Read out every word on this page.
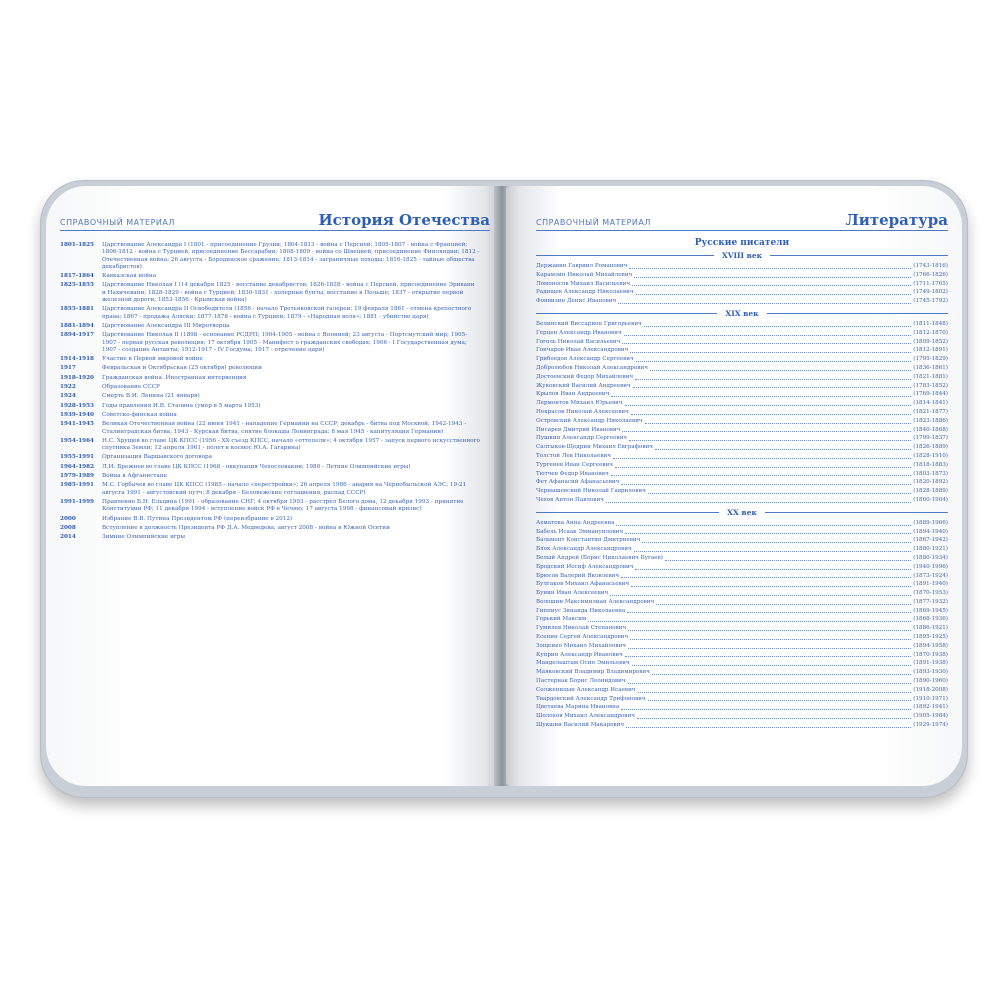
СПРАВОЧНЫЙ МАТЕРИАЛ	История Отечества
1801-1825	Царствование Александра I (1801 - присоединение Грузии; 1804-1813 - война с Персией; 1805-1807 - война с Францией; 1806-1812 - война с Турцией, присоединение Бессарабии; 1808-1809 - война со Швецией, присоединение Финляндии; 1812 - Отечественная война; 26 августа - Бородинское сражение; 1813-1814 - заграничные походы; 1816-1825 - тайные общества декабристов)
1817-1864	Кавказская война
1825-1855	Царствование Николая I (14 декабря 1825 - восстание декабристов; 1826-1828 - война с Персией, присоединение Эривани и Нахичевани; 1828-1829 - война с Турцией; 1830-1831 - холерные бунты, восстание в Польше; 1837 - открытие первой железной дороги; 1853-1856 - Крымская война)
1855-1881	Царствование Александра II Освободителя (1856 - начало Третьяковской галереи; 19 февраля 1861 - отмена крепостного права; 1867 - продажа Аляски; 1877-1878 - война с Турцией; 1879 - «Народная воля»; 1881 - убийство царя)
1881-1894	Царствование Александра III Миротворца
1894-1917	Царствование Николая II (1898 - основание РСДРП; 1904-1905 - война с Японией; 23 августа - Портсмутский мир; 1905-1907 - первая русская революция; 17 октября 1905 - Манифест о гражданских свободах; 1906 - I Государственная дума; 1907 - создание Антанты; 1912-1917 - IV Госдума; 1917 - отречение царя)
1914-1918	Участие в Первой мировой войне
1917	Февральская и Октябрьская (25 октября) революции
1918-1920	Гражданская война. Иностранная интервенция
1922	Образование СССР
1924	Смерть В.И. Ленина (21 января)
1928-1953	Годы правления И.В. Сталина (умер в 5 марта 1953)
1939-1940	Советско-финская война
1941-1945	Великая Отечественная война (22 июня 1941 - нападение Германии на СССР, декабрь - битва под Москвой; 1942-1943 - Сталинградская битва; 1943 - Курская битва, снятие блокады Ленинграда; 8 мая 1945 - капитуляция Германии)
1954-1964	Н.С. Хрущев во главе ЦК КПСС (1956 - XX съезд КПСС, начало «оттепели»; 4 октября 1957 - запуск первого искусственного спутника Земли; 12 апреля 1961 - полет в космос Ю.А. Гагарина)
1955-1991	Организация Варшавского договора
1964-1982	Л.И. Брежнев во главе ЦК КПСС (1968 - оккупация Чехословакии; 1980 - Летние Олимпийские игры)
1979-1989	Война в Афганистане
1985-1991	М.С. Горбачев во главе ЦК КПСС (1985 - начало «перестройки»; 26 апреля 1986 - авария на Чернобыльской АЭС; 19-21 августа 1991 - августовский путч; 8 декабря - Беловежские соглашения, распад СССР)
1991-1999	Правление Б.Н. Ельцина (1991 - образование СНГ; 4 октября 1993 - расстрел Белого дома, 12 декабря 1993 - принятие Конституции РФ; 11 декабря 1994 - вступление войск РФ в Чечню; 17 августа 1998 - финансовый кризис)
2000	Избрание В.В. Путина Президентом РФ (переизбрание в 2012)
2008	Вступление в должность Президента РФ Д.А. Медведева; август 2008 - война в Южной Осетии
2014	Зимние Олимпийские игры
СПРАВОЧНЫЙ МАТЕРИАЛ	Литература
Русские писатели
XVIII век
Державин Гавриил Романович	(1743-1816)
Карамзин Николай Михайлович	(1766-1826)
Ломоносов Михаил Васильевич	(1711-1765)
Радищев Александр Николаевич	(1749-1802)
Фонвизин Денис Иванович	(1745-1792)
XIX век
Белинский Виссарион Григорьевич	(1811-1848)
Герцен Александр Иванович	(1812-1870)
Гоголь Николай Васильевич	(1809-1852)
Гончаров Иван Александрович	(1812-1891)
Грибоедов Александр Сергеевич	(1795-1829)
Добролюбов Николай Александрович	(1836-1861)
Достоевский Федор Михайлович	(1821-1881)
Жуковский Василий Андреевич	(1783-1852)
Крылов Иван Андреевич	(1769-1844)
Лермонтов Михаил Юрьевич	(1814-1841)
Некрасов Николай Алексеевич	(1821-1877)
Островский Александр Николаевич	(1823-1886)
Писарев Дмитрий Иванович	(1840-1868)
Пушкин Александр Сергеевич	(1799-1837)
Салтыков-Щедрин Михаил Евграфович	(1826-1889)
Толстой Лев Николаевич	(1828-1910)
Тургенев Иван Сергеевич	(1818-1883)
Тютчев Федор Иванович	(1803-1873)
Фет Афанасий Афанасьевич	(1820-1892)
Чернышевский Николай Гаврилович	(1828-1889)
Чехов Антон Павлович	(1860-1904)
XX век
Ахматова Анна Андреевна	(1889-1966)
Бабель Исаак Эммануилович	(1894-1940)
Бальмонт Константин Дмитриевич	(1867-1942)
Блок Александр Александрович	(1880-1921)
Белый Андрей (Борис Николаевич Бугаев)	(1880-1934)
Бродский Иосиф Александрович	(1940-1996)
Брюсов Валерий Яковлевич	(1873-1924)
Булгаков Михаил Афанасьевич	(1891-1940)
Бунин Иван Алексеевич	(1870-1953)
Волошин Максимилиан Александрович	(1877-1932)
Гиппиус Зинаида Николаевна	(1869-1945)
Горький Максим	(1868-1936)
Гумилев Николай Степанович	(1886-1921)
Есенин Сергей Александрович	(1895-1925)
Зощенко Михаил Михайлович	(1894-1958)
Куприн Александр Иванович	(1870-1938)
Мандельштам Осип Эмильевич	(1891-1938)
Маяковский Владимир Владимирович	(1893-1930)
Пастернак Борис Леонидович	(1890-1960)
Солженицын Александр Исаевич	(1918-2008)
Твардовский Александр Трифонович	(1910-1971)
Цветаева Марина Ивановна	(1892-1941)
Шолохов Михаил Александрович	(1905-1984)
Шукшин Василий Макарович	(1929-1974)
